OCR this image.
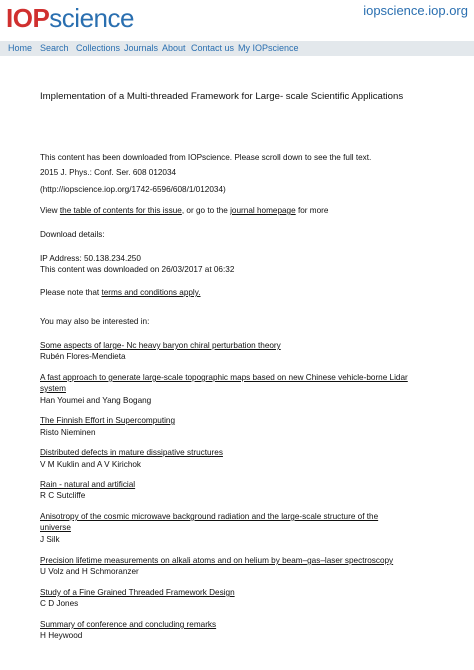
IOPscience	iopscience.iop.org
Home Search Collections Journals About Contact us My IOPscience
Implementation of a Multi-threaded Framework for Large- scale Scientific Applications
This content has been downloaded from IOPscience. Please scroll down to see the full text.
2015 J. Phys.: Conf. Ser. 608 012034
(http://iopscience.iop.org/1742-6596/608/1/012034)
View the table of contents for this issue, or go to the journal homepage for more
Download details:
IP Address: 50.138.234.250
This content was downloaded on 26/03/2017 at 06:32
Please note that terms and conditions apply.
You may also be interested in:
Some aspects of large- Nc heavy baryon chiral perturbation theory
Rubén Flores-Mendieta
A fast approach to generate large-scale topographic maps based on new Chinese vehicle-borne Lidar
system
Han Youmei and Yang Bogang
The Finnish Effort in Supercomputing
Risto Nieminen
Distributed defects in mature dissipative structures
V M Kuklin and A V Kirichok
Rain - natural and artificial
R C Sutcliffe
Anisotropy of the cosmic microwave background radiation and the large-scale structure of the
universe
J Silk
Precision lifetime measurements on alkali atoms and on helium by beam–gas–laser spectroscopy
U Volz and H Schmoranzer
Study of a Fine Grained Threaded Framework Design
C D Jones
Summary of conference and concluding remarks
H Heywood
